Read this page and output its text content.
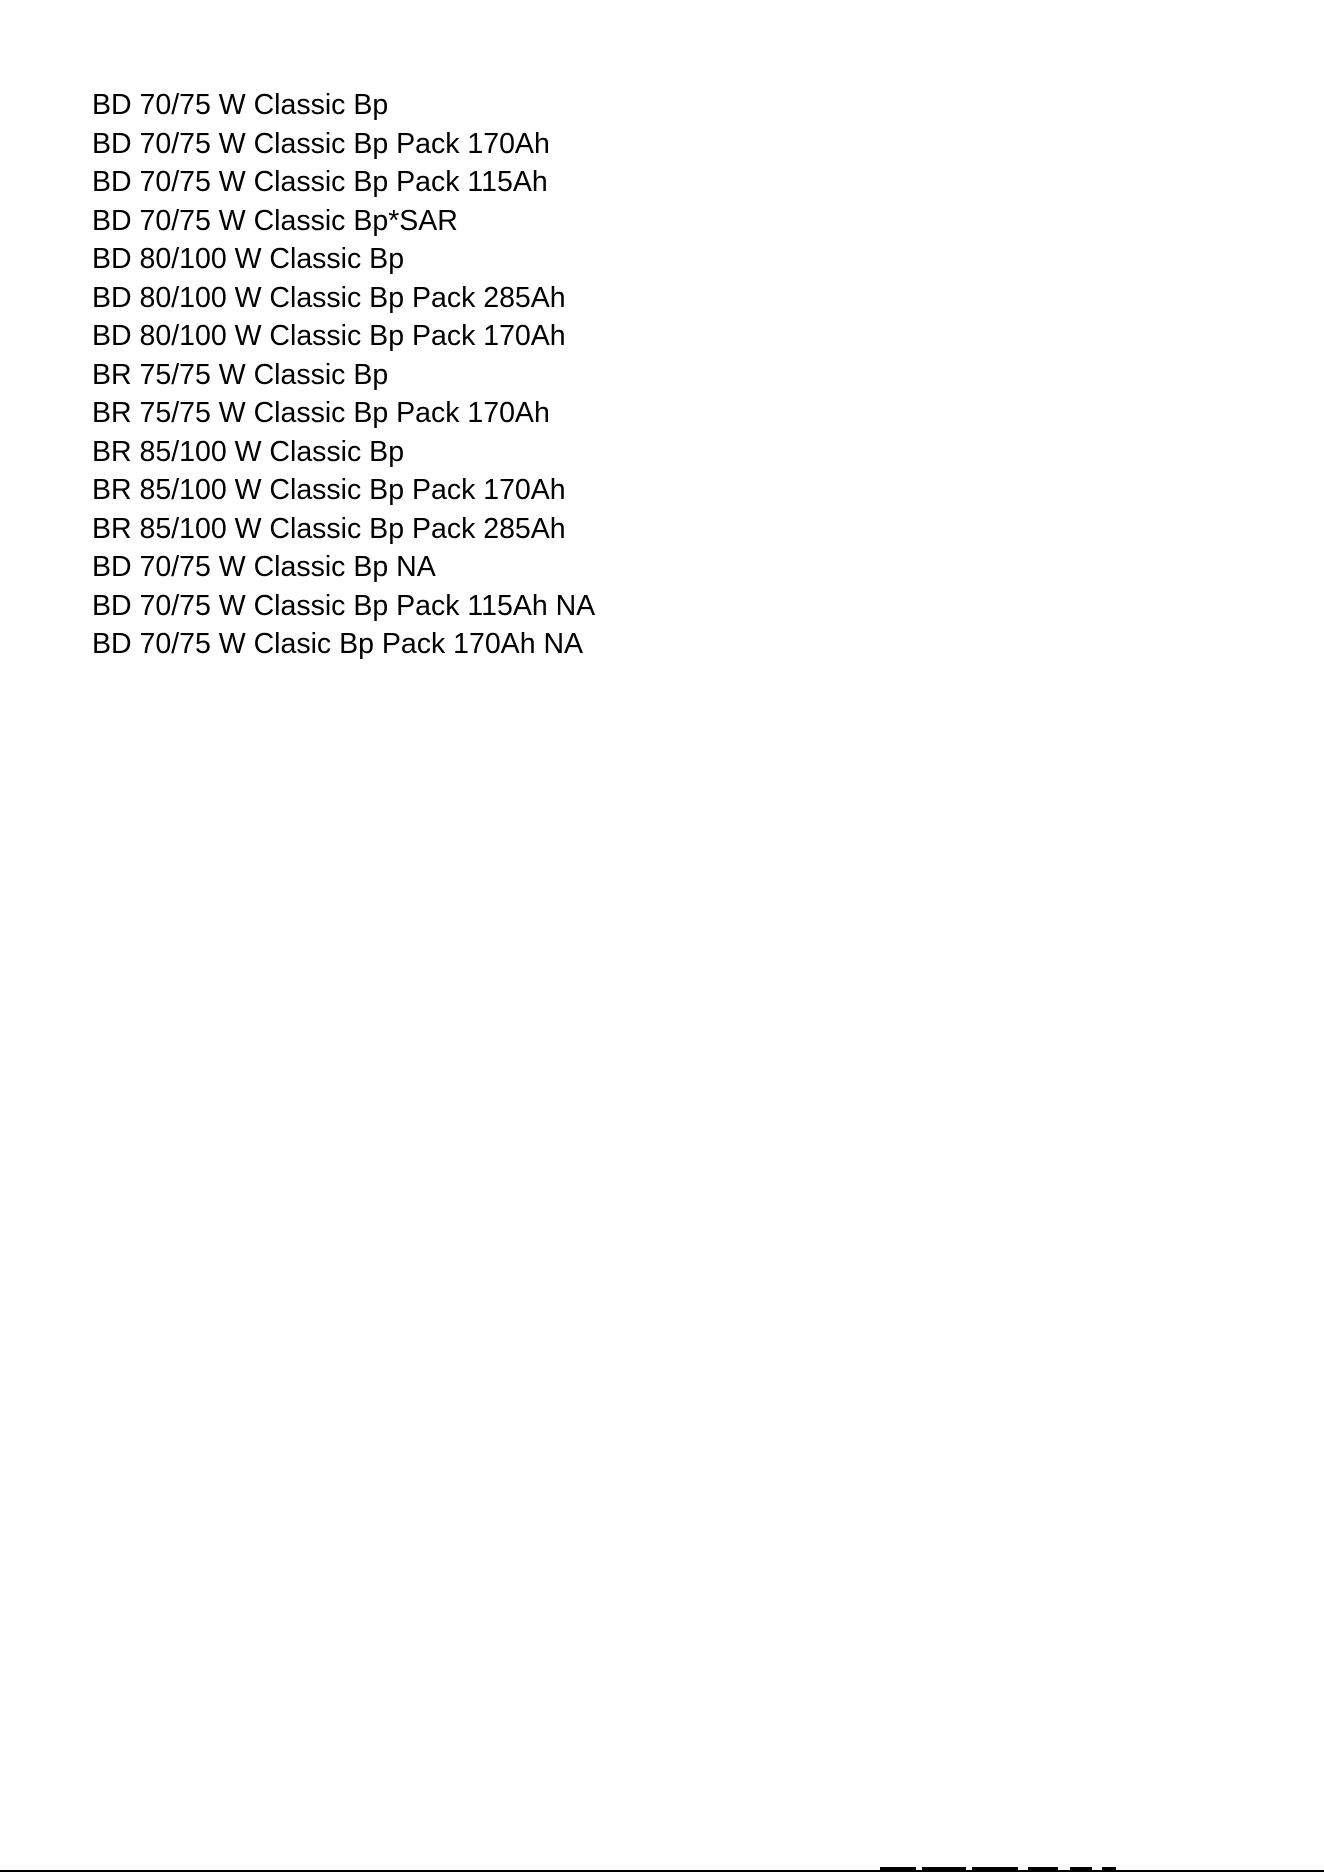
BD 70/75 W Classic Bp
BD 70/75 W Classic Bp Pack 170Ah
BD 70/75 W Classic Bp Pack 115Ah
BD 70/75 W Classic Bp*SAR
BD 80/100 W Classic Bp
BD 80/100 W Classic Bp Pack 285Ah
BD 80/100 W Classic Bp Pack 170Ah
BR 75/75 W Classic Bp
BR 75/75 W Classic Bp Pack 170Ah
BR 85/100 W Classic Bp
BR 85/100 W Classic Bp Pack 170Ah
BR 85/100 W Classic Bp Pack 285Ah
BD 70/75 W Classic Bp NA
BD 70/75 W Classic Bp Pack 115Ah NA
BD 70/75 W Clasic Bp Pack 170Ah NA
